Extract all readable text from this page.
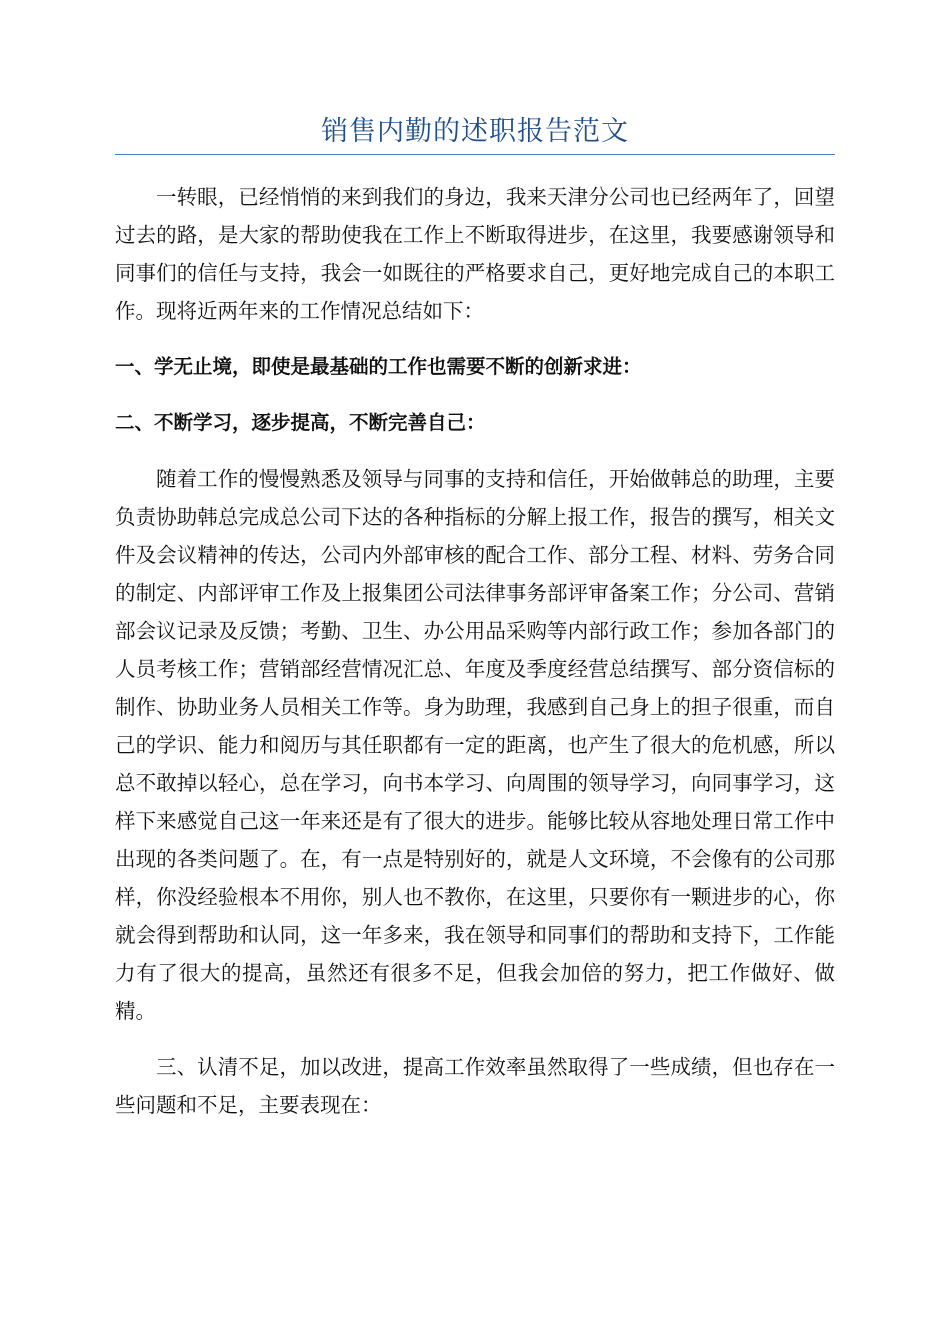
销售内勤的述职报告范文

一转眼，已经悄悄的来到我们的身边，我来天津分公司也已经两年了，回望过去的路，是大家的帮助使我在工作上不断取得进步，在这里，我要感谢领导和同事们的信任与支持，我会一如既往的严格要求自己，更好地完成自己的本职工作。现将近两年来的工作情况总结如下：

一、学无止境，即使是最基础的工作也需要不断的创新求进：

二、不断学习，逐步提高，不断完善自己：

随着工作的慢慢熟悉及领导与同事的支持和信任，开始做韩总的助理，主要负责协助韩总完成总公司下达的各种指标的分解上报工作，报告的撰写，相关文件及会议精神的传达，公司内外部审核的配合工作、部分工程、材料、劳务合同的制定、内部评审工作及上报集团公司法律事务部评审备案工作；分公司、营销部会议记录及反馈；考勤、卫生、办公用品采购等内部行政工作；参加各部门的人员考核工作；营销部经营情况汇总、年度及季度经营总结撰写、部分资信标的制作、协助业务人员相关工作等。身为助理，我感到自己身上的担子很重，而自己的学识、能力和阅历与其任职都有一定的距离，也产生了很大的危机感，所以总不敢掉以轻心，总在学习，向书本学习、向周围的领导学习，向同事学习，这样下来感觉自己这一年来还是有了很大的进步。能够比较从容地处理日常工作中出现的各类问题了。在，有一点是特别好的，就是人文环境，不会像有的公司那样，你没经验根本不用你，别人也不教你，在这里，只要你有一颗进步的心，你就会得到帮助和认同，这一年多来，我在领导和同事们的帮助和支持下，工作能力有了很大的提高，虽然还有很多不足，但我会加倍的努力，把工作做好、做精。

三、认清不足，加以改进，提高工作效率虽然取得了一些成绩，但也存在一些问题和不足，主要表现在：
